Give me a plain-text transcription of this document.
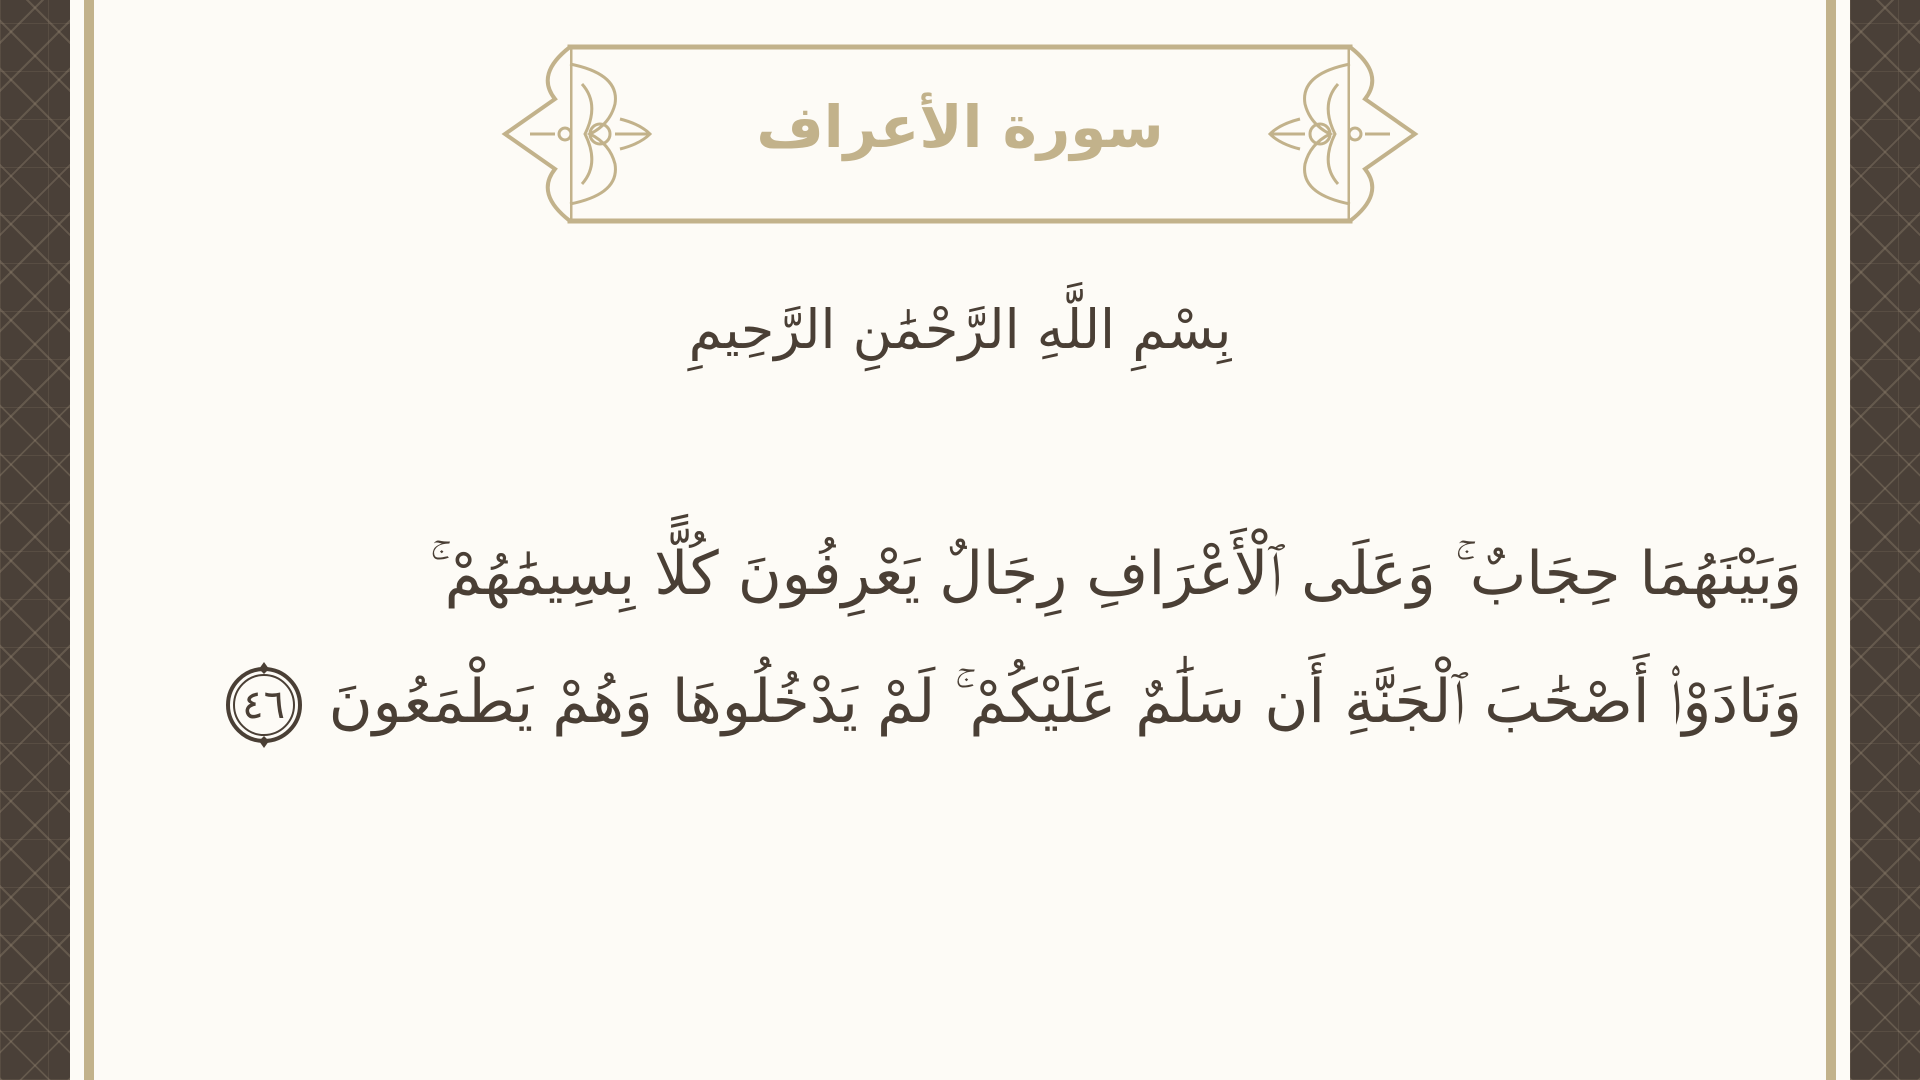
سورة الأعراف
بِسْمِ اللَّهِ الرَّحْمَٰنِ الرَّحِيمِ
وَبَيْنَهُمَا حِجَابٌ ۚ وَعَلَى ٱلْأَعْرَافِ رِجَالٌ يَعْرِفُونَ كُلًّا بِسِيمَٰهُمْ ۚ
وَنَادَوْا۟ أَصْحَٰبَ ٱلْجَنَّةِ أَن سَلَٰمٌ عَلَيْكُمْ ۚ لَمْ يَدْخُلُوهَا وَهُمْ يَطْمَعُونَ
٤٦
